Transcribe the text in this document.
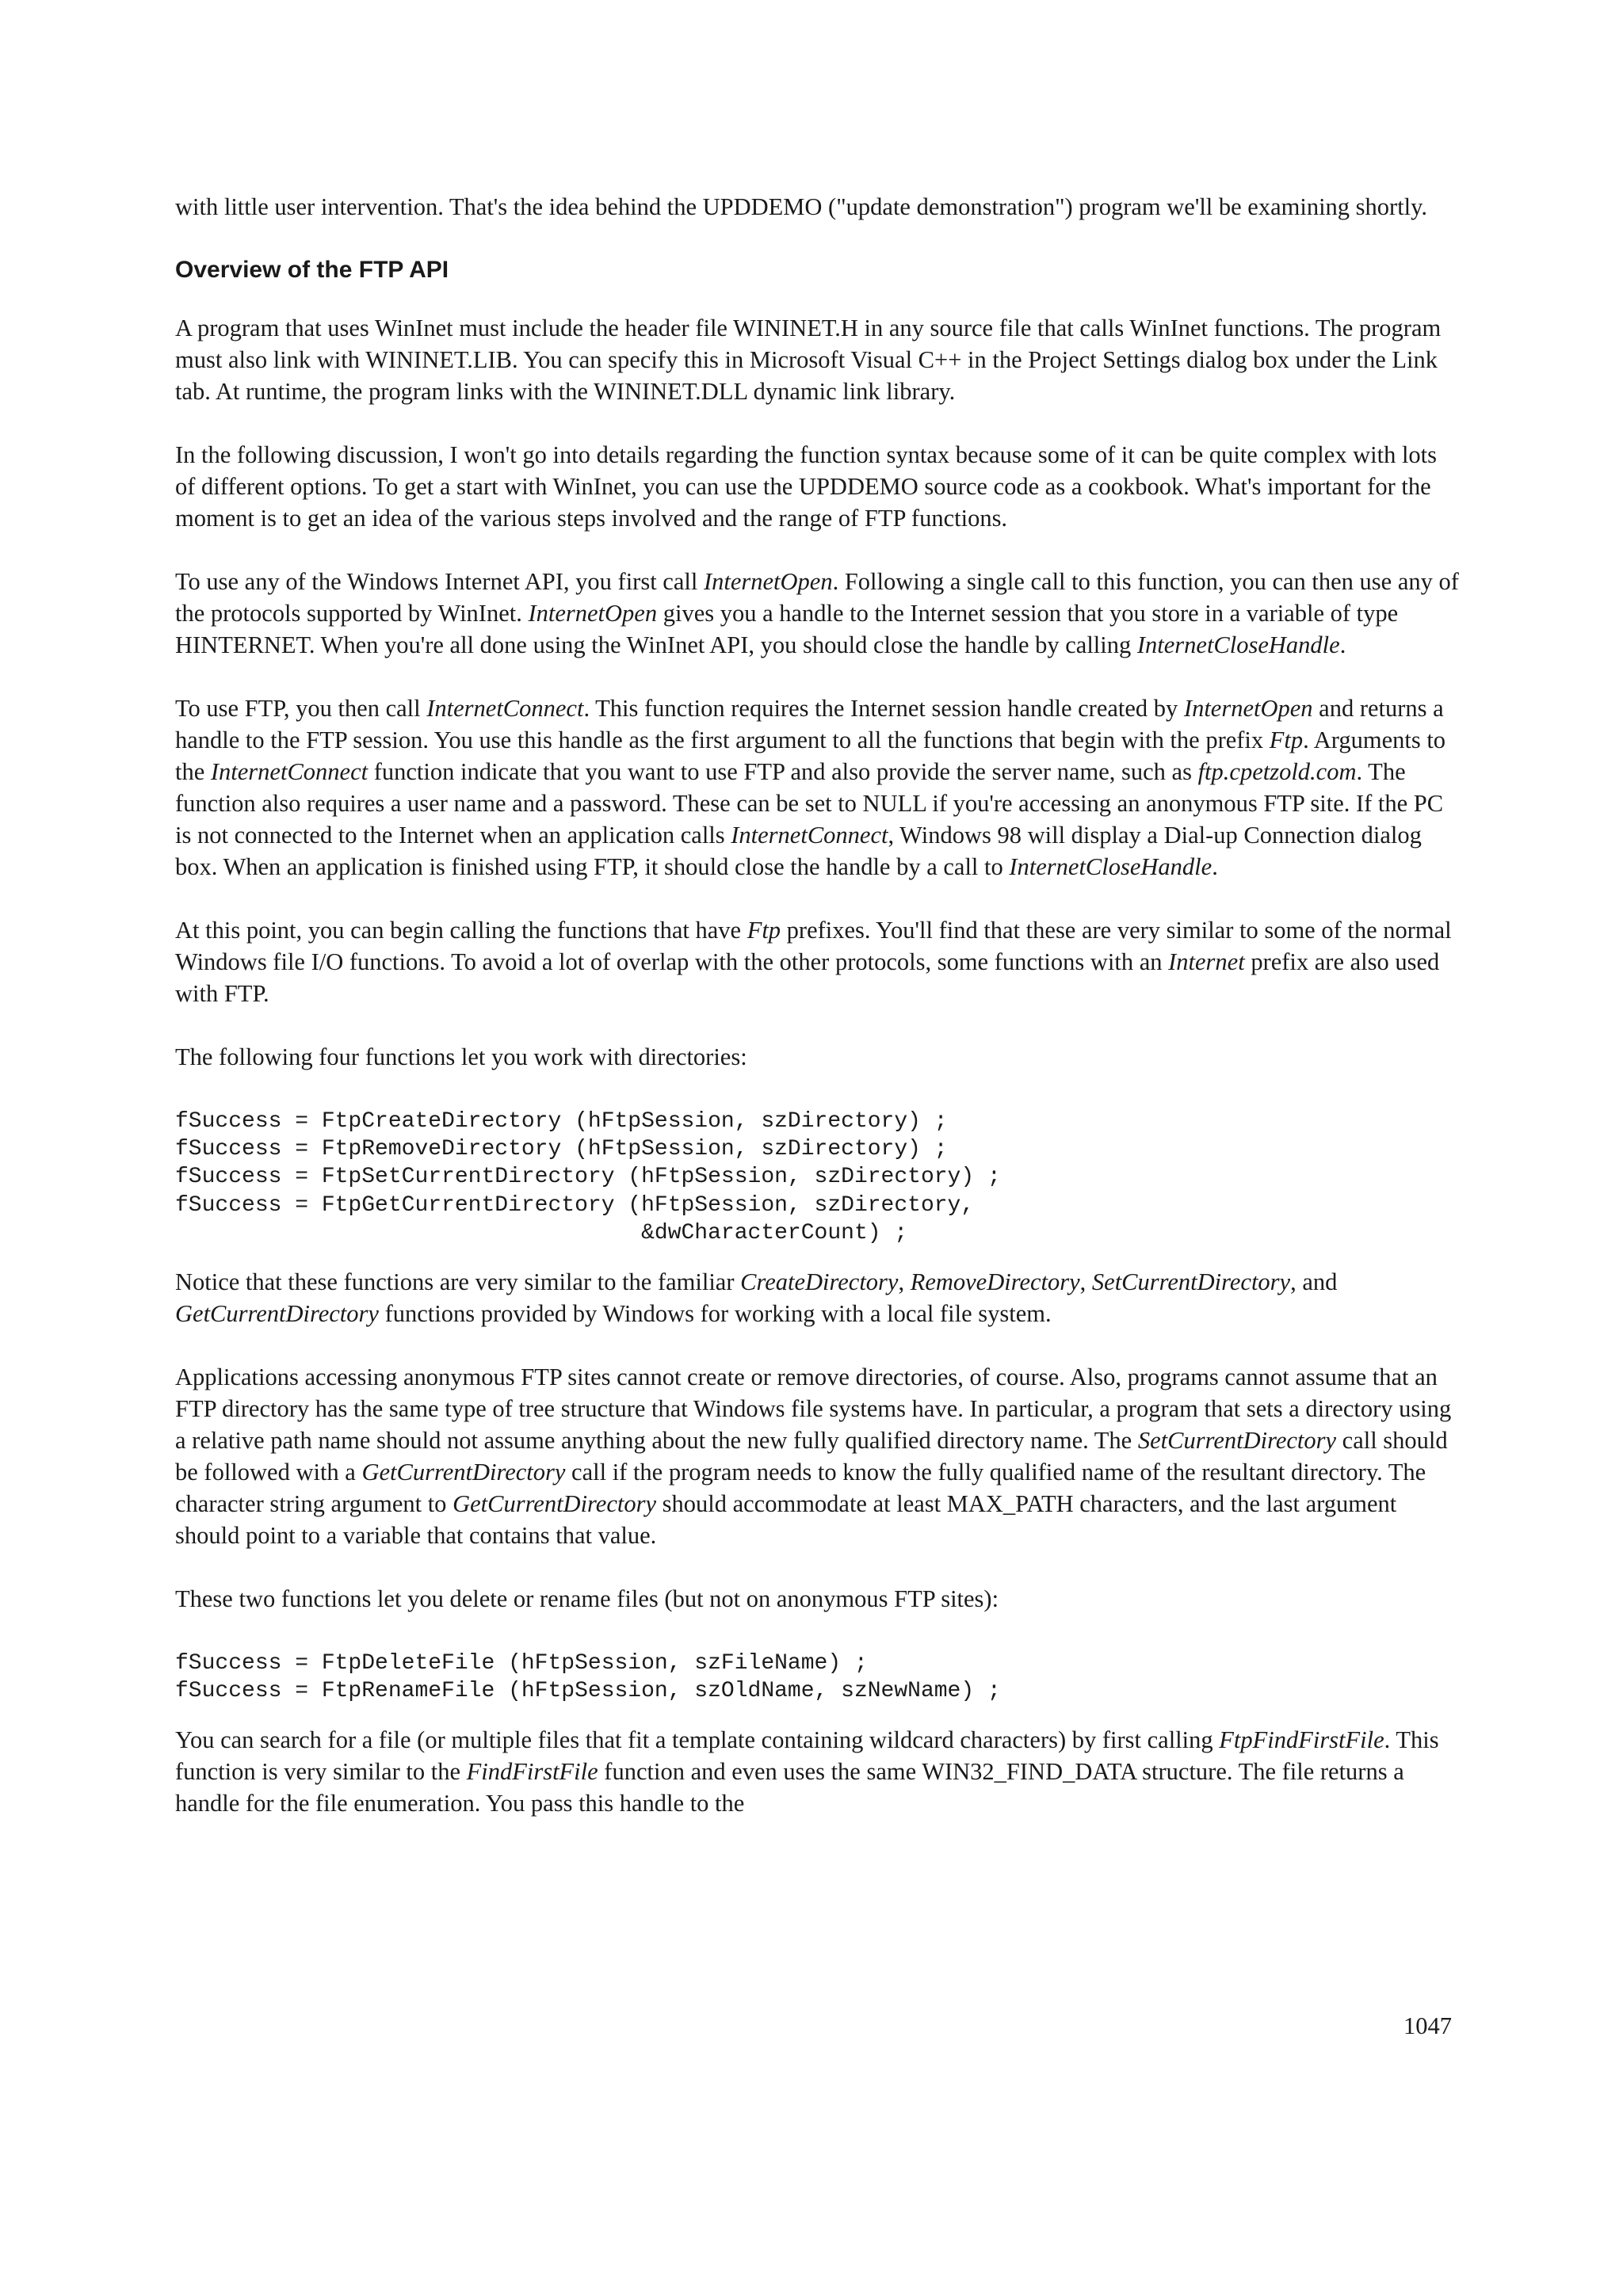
with little user intervention. That's the idea behind the UPDDEMO ("update demonstration") program we'll be examining shortly.

Overview of the FTP API

A program that uses WinInet must include the header file WININET.H in any source file that calls WinInet functions. The program must also link with WININET.LIB. You can specify this in Microsoft Visual C++ in the Project Settings dialog box under the Link tab. At runtime, the program links with the WININET.DLL dynamic link library.

In the following discussion, I won't go into details regarding the function syntax because some of it can be quite complex with lots of different options. To get a start with WinInet, you can use the UPDDEMO source code as a cookbook. What's important for the moment is to get an idea of the various steps involved and the range of FTP functions.

To use any of the Windows Internet API, you first call InternetOpen. Following a single call to this function, you can then use any of the protocols supported by WinInet. InternetOpen gives you a handle to the Internet session that you store in a variable of type HINTERNET. When you're all done using the WinInet API, you should close the handle by calling InternetCloseHandle.

To use FTP, you then call InternetConnect. This function requires the Internet session handle created by InternetOpen and returns a handle to the FTP session. You use this handle as the first argument to all the functions that begin with the prefix Ftp. Arguments to the InternetConnect function indicate that you want to use FTP and also provide the server name, such as ftp.cpetzold.com. The function also requires a user name and a password. These can be set to NULL if you're accessing an anonymous FTP site. If the PC is not connected to the Internet when an application calls InternetConnect, Windows 98 will display a Dial-up Connection dialog box. When an application is finished using FTP, it should close the handle by a call to InternetCloseHandle.

At this point, you can begin calling the functions that have Ftp prefixes. You'll find that these are very similar to some of the normal Windows file I/O functions. To avoid a lot of overlap with the other protocols, some functions with an Internet prefix are also used with FTP.

The following four functions let you work with directories:

fSuccess = FtpCreateDirectory (hFtpSession, szDirectory) ;
fSuccess = FtpRemoveDirectory (hFtpSession, szDirectory) ;
fSuccess = FtpSetCurrentDirectory (hFtpSession, szDirectory) ;
fSuccess = FtpGetCurrentDirectory (hFtpSession, szDirectory,
&dwCharacterCount) ;

Notice that these functions are very similar to the familiar CreateDirectory, RemoveDirectory, SetCurrentDirectory, and GetCurrentDirectory functions provided by Windows for working with a local file system.

Applications accessing anonymous FTP sites cannot create or remove directories, of course. Also, programs cannot assume that an FTP directory has the same type of tree structure that Windows file systems have. In particular, a program that sets a directory using a relative path name should not assume anything about the new fully qualified directory name. The SetCurrentDirectory call should be followed with a GetCurrentDirectory call if the program needs to know the fully qualified name of the resultant directory. The character string argument to GetCurrentDirectory should accommodate at least MAX_PATH characters, and the last argument should point to a variable that contains that value.

These two functions let you delete or rename files (but not on anonymous FTP sites):

fSuccess = FtpDeleteFile (hFtpSession, szFileName) ;
fSuccess = FtpRenameFile (hFtpSession, szOldName, szNewName) ;

You can search for a file (or multiple files that fit a template containing wildcard characters) by first calling FtpFindFirstFile. This function is very similar to the FindFirstFile function and even uses the same WIN32_FIND_DATA structure. The file returns a handle for the file enumeration. You pass this handle to the

1047
